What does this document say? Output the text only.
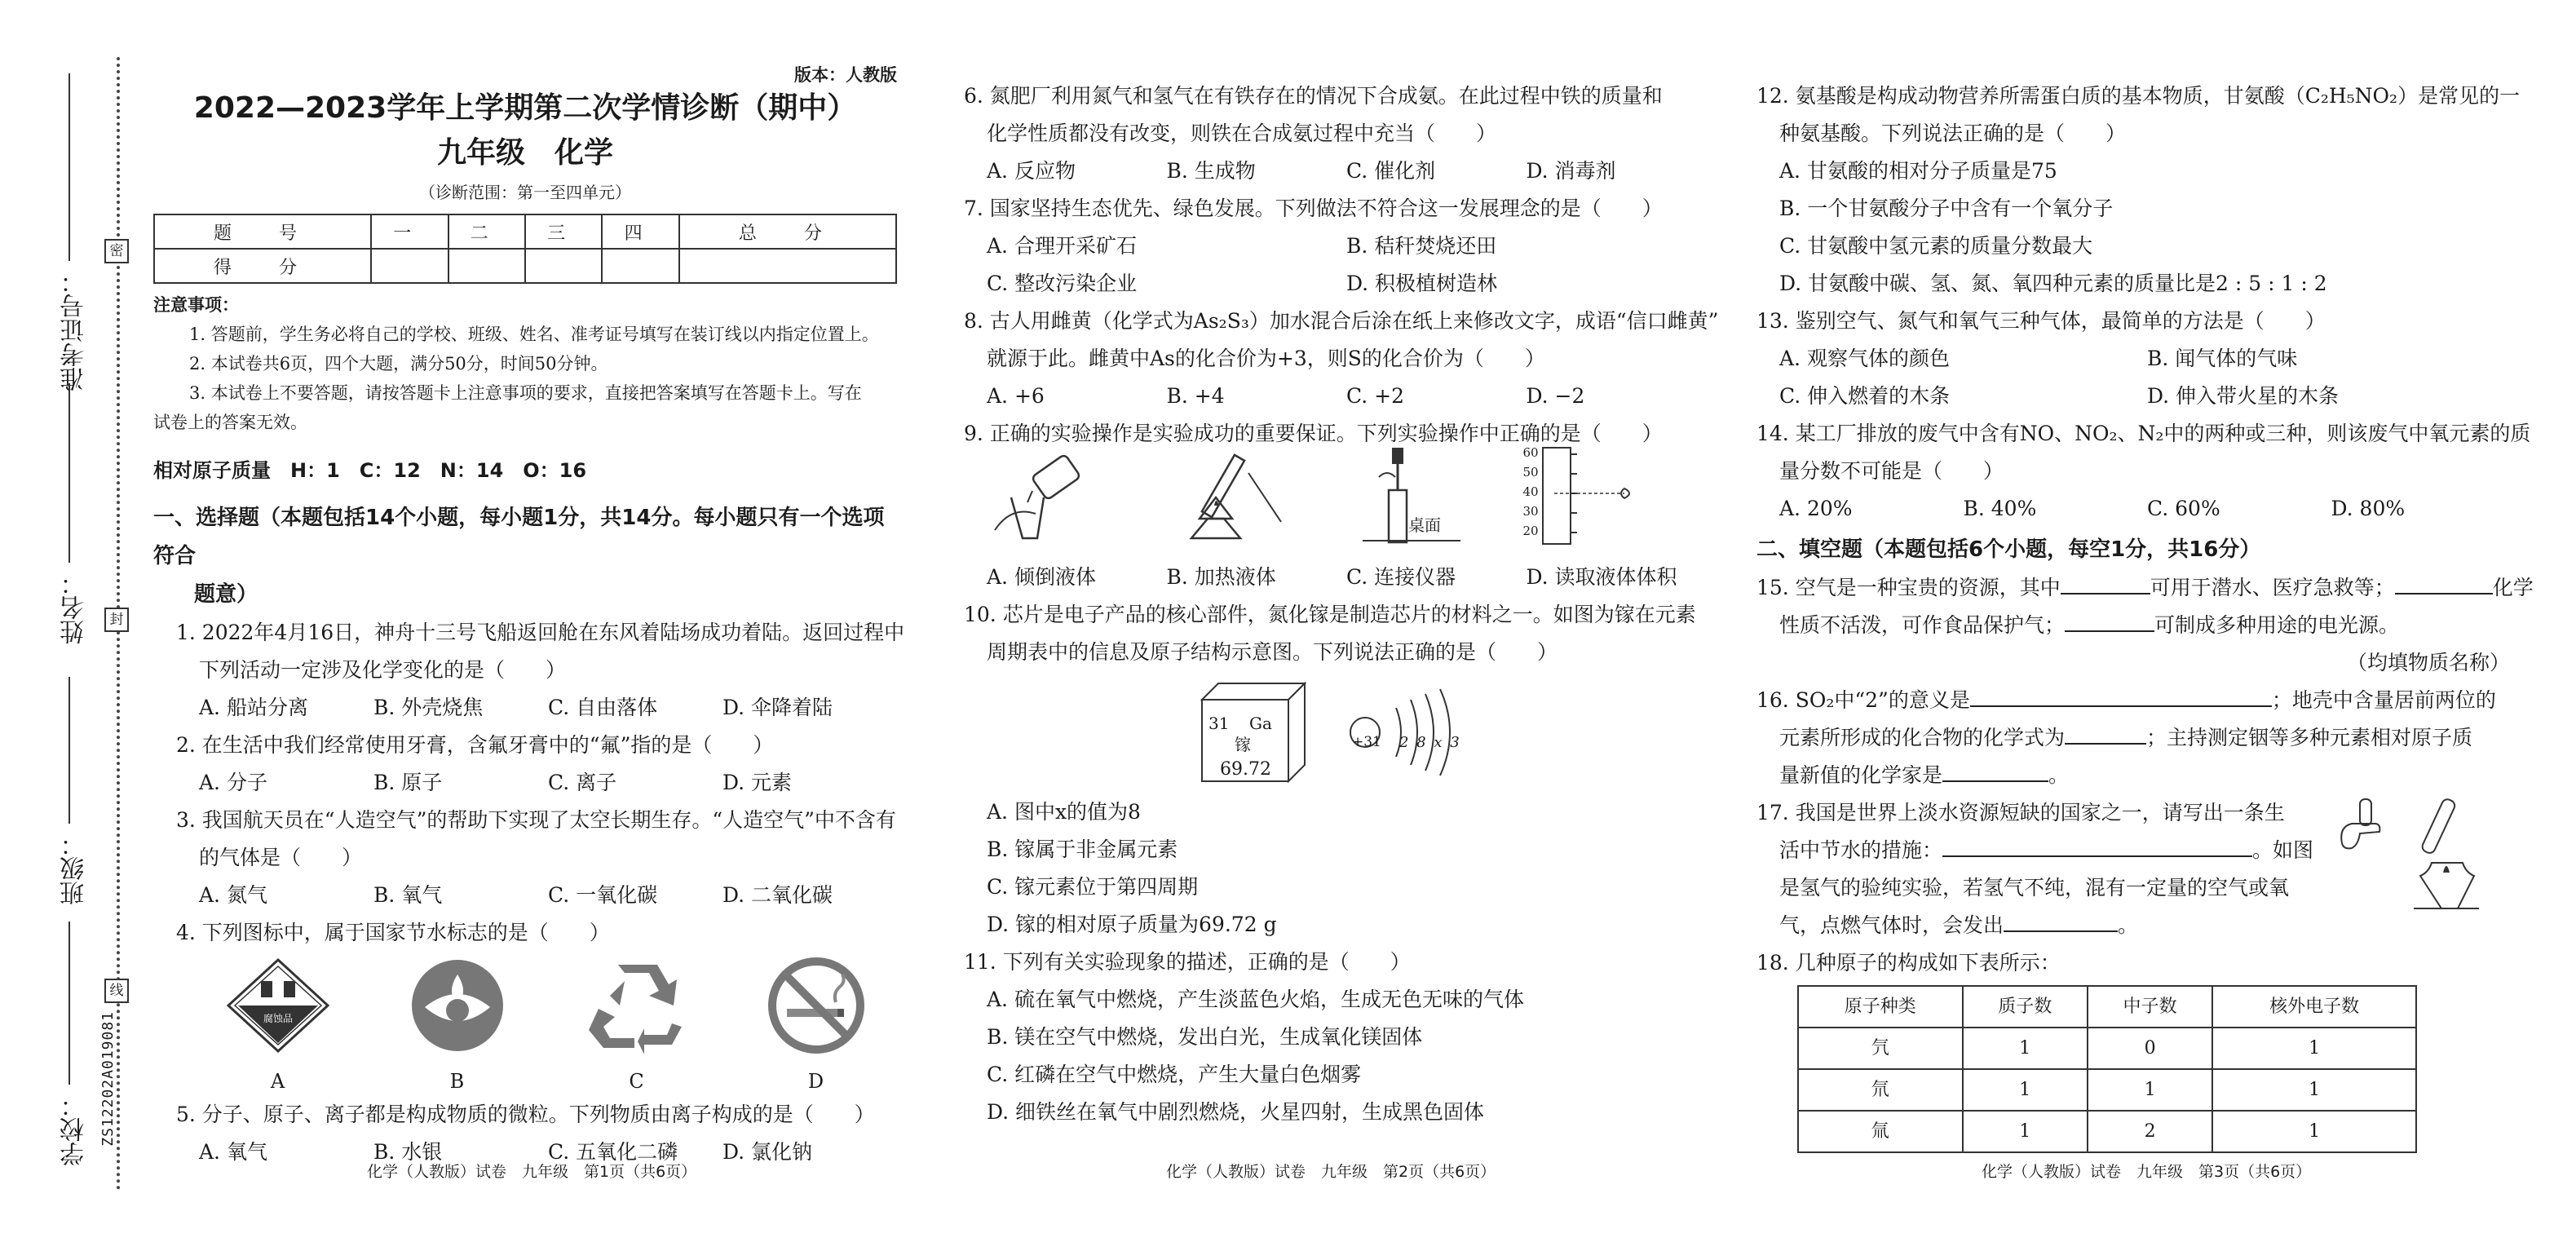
密
封
线
准考证号：
姓名：
班级：
学校： ZS12202A019081
版本：人教版
2022—2023学年上学期第二次学情诊断（期中）
九年级　化学
（诊断范围：第一至四单元）
题　号	一	二	三	四	总　分
得　分					
注意事项：
1. 答题前，学生务必将自己的学校、班级、姓名、准考证号填写在装订线以内指定位置上。
2. 本试卷共6页，四个大题，满分50分，时间50分钟。
3. 本试卷上不要答题，请按答题卡上注意事项的要求，直接把答案填写在答题卡上。写在
试卷上的答案无效。
相对原子质量　H：1　C：12　N：14　O：16
一、选择题（本题包括14个小题，每小题1分，共14分。每小题只有一个选项符合
题意）
1. 2022年4月16日，神舟十三号飞船返回舱在东风着陆场成功着陆。返回过程中
下列活动一定涉及化学变化的是（　　）
A. 船站分离	B. 外壳烧焦	C. 自由落体	D. 伞降着陆
2. 在生活中我们经常使用牙膏，含氟牙膏中的“氟”指的是（　　）
A. 分子	B. 原子	C. 离子	D. 元素
3. 我国航天员在“人造空气”的帮助下实现了太空长期生存。“人造空气”中不含有
的气体是（　　）
A. 氮气	B. 氧气	C. 一氧化碳	D. 二氧化碳
4. 下列图标中，属于国家节水标志的是（　　）
腐蚀品
A	B	C	D
5. 分子、原子、离子都是构成物质的微粒。下列物质由离子构成的是（　　）
A. 氧气	B. 水银	C. 五氧化二磷	D. 氯化钠
化学（人教版）试卷　九年级　第1页（共6页）
6. 氮肥厂利用氮气和氢气在有铁存在的情况下合成氨。在此过程中铁的质量和
化学性质都没有改变，则铁在合成氨过程中充当（　　）
A. 反应物	B. 生成物	C. 催化剂	D. 消毒剂
7. 国家坚持生态优先、绿色发展。下列做法不符合这一发展理念的是（　　）
A. 合理开采矿石	B. 秸秆焚烧还田
C. 整改污染企业	D. 积极植树造林
8. 古人用雌黄（化学式为As₂S₃）加水混合后涂在纸上来修改文字，成语“信口雌黄”
就源于此。雌黄中As的化合价为+3，则S的化合价为（　　）
A. +6	B. +4	C. +2	D. −2
9. 正确的实验操作是实验成功的重要保证。下列实验操作中正确的是（　　）
桌面
60
50
40
30
20
A. 倾倒液体	B. 加热液体	C. 连接仪器	D. 读取液体体积
10. 芯片是电子产品的核心部件，氮化镓是制造芯片的材料之一。如图为镓在元素
周期表中的信息及原子结构示意图。下列说法正确的是（　　）
31 Ga
镓
69.72
+31 2 8 x 3
A. 图中x的值为8
B. 镓属于非金属元素
C. 镓元素位于第四周期
D. 镓的相对原子质量为69.72 g
11. 下列有关实验现象的描述，正确的是（　　）
A. 硫在氧气中燃烧，产生淡蓝色火焰，生成无色无味的气体
B. 镁在空气中燃烧，发出白光，生成氧化镁固体
C. 红磷在空气中燃烧，产生大量白色烟雾
D. 细铁丝在氧气中剧烈燃烧，火星四射，生成黑色固体
化学（人教版）试卷　九年级　第2页（共6页）
12. 氨基酸是构成动物营养所需蛋白质的基本物质，甘氨酸（C₂H₅NO₂）是常见的一
种氨基酸。下列说法正确的是（　　）
A. 甘氨酸的相对分子质量是75
B. 一个甘氨酸分子中含有一个氧分子
C. 甘氨酸中氢元素的质量分数最大
D. 甘氨酸中碳、氢、氮、氧四种元素的质量比是2 : 5 : 1 : 2
13. 鉴别空气、氮气和氧气三种气体，最简单的方法是（　　）
A. 观察气体的颜色	B. 闻气体的气味
C. 伸入燃着的木条	D. 伸入带火星的木条
14. 某工厂排放的废气中含有NO、NO₂、N₂中的两种或三种，则该废气中氧元素的质
量分数不可能是（　　）
A. 20%	B. 40%	C. 60%	D. 80%
二、填空题（本题包括6个小题，每空1分，共16分）
15. 空气是一种宝贵的资源，其中	可用于潜水、医疗急救等；	化学
性质不活泼，可作食品保护气；	可制成多种用途的电光源。
（均填物质名称）
16. SO₂中“2”的意义是	；地壳中含量居前两位的
元素所形成的化合物的化学式为	；主持测定铟等多种元素相对原子质
量新值的化学家是	。
17. 我国是世界上淡水资源短缺的国家之一，请写出一条生
活中节水的措施：	。如图
是氢气的验纯实验，若氢气不纯，混有一定量的空气或氧
气，点燃气体时，会发出	。
18. 几种原子的构成如下表所示：
原子种类	质子数	中子数	核外电子数
氕	1	0	1
氘	1	1	1
氚	1	2	1
化学（人教版）试卷　九年级　第3页（共6页）
